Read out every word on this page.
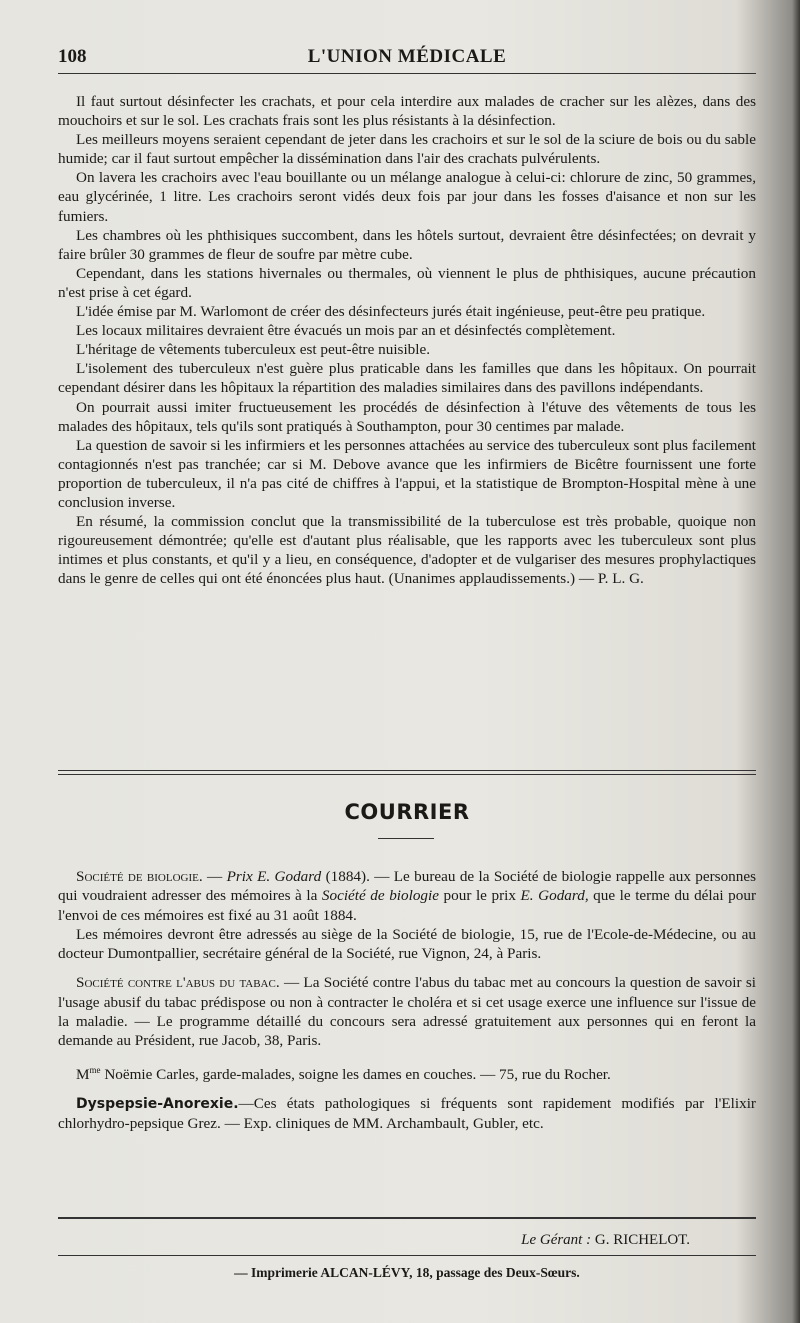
108	L'UNION MÉDICALE

Il faut surtout désinfecter les crachats, et pour cela interdire aux malades de cracher sur les alèzes, dans des mouchoirs et sur le sol. Les crachats frais sont les plus résistants à la désinfection.

Les meilleurs moyens seraient cependant de jeter dans les crachoirs et sur le sol de la sciure de bois ou du sable humide; car il faut surtout empêcher la dissémination dans l'air des crachats pulvérulents.

On lavera les crachoirs avec l'eau bouillante ou un mélange analogue à celui-ci: chlorure de zinc, 50 grammes, eau glycérinée, 1 litre. Les crachoirs seront vidés deux fois par jour dans les fosses d'aisance et non sur les fumiers.

Les chambres où les phthisiques succombent, dans les hôtels surtout, devraient être désinfectées; on devrait y faire brûler 30 grammes de fleur de soufre par mètre cube.

Cependant, dans les stations hivernales ou thermales, où viennent le plus de phthisiques, aucune précaution n'est prise à cet égard.

L'idée émise par M. Warlomont de créer des désinfecteurs jurés était ingénieuse, peut-être peu pratique.

Les locaux militaires devraient être évacués un mois par an et désinfectés complètement.

L'héritage de vêtements tuberculeux est peut-être nuisible.

L'isolement des tuberculeux n'est guère plus praticable dans les familles que dans les hôpitaux. On pourrait cependant désirer dans les hôpitaux la répartition des maladies similaires dans des pavillons indépendants.

On pourrait aussi imiter fructueusement les procédés de désinfection à l'étuve des vêtements de tous les malades des hôpitaux, tels qu'ils sont pratiqués à Southampton, pour 30 centimes par malade.

La question de savoir si les infirmiers et les personnes attachées au service des tuberculeux sont plus facilement contagionnés n'est pas tranchée; car si M. Debove avance que les infirmiers de Bicêtre fournissent une forte proportion de tuberculeux, il n'a pas cité de chiffres à l'appui, et la statistique de Brompton-Hospital mène à une conclusion inverse.

En résumé, la commission conclut que la transmissibilité de la tuberculose est très probable, quoique non rigoureusement démontrée; qu'elle est d'autant plus réalisable, que les rapports avec les tuberculeux sont plus intimes et plus constants, et qu'il y a lieu, en conséquence, d'adopter et de vulgariser des mesures prophylactiques dans le genre de celles qui ont été énoncées plus haut. (Unanimes applaudissements.) — P. L. G.

COURRIER

Société de biologie. — Prix E. Godard (1884). — Le bureau de la Société de biologie rappelle aux personnes qui voudraient adresser des mémoires à la Société de biologie pour le prix E. Godard, que le terme du délai pour l'envoi de ces mémoires est fixé au 31 août 1884.

Les mémoires devront être adressés au siège de la Société de biologie, 15, rue de l'Ecole-de-Médecine, ou au docteur Dumontpallier, secrétaire général de la Société, rue Vignon, 24, à Paris.

Société contre l'abus du tabac. — La Société contre l'abus du tabac met au concours la question de savoir si l'usage abusif du tabac prédispose ou non à contracter le choléra et si cet usage exerce une influence sur l'issue de la maladie. — Le programme détaillé du concours sera adressé gratuitement aux personnes qui en feront la demande au Président, rue Jacob, 38, Paris.

$M^{me}$ Noëmie Carles, garde-malades, soigne les dames en couches. — 75, rue du Rocher.

Dyspepsie-Anorexie.—Ces états pathologiques si fréquents sont rapidement modifiés par l'Elixir chlorhydro-pepsique Grez. — Exp. cliniques de MM. Archambault, Gubler, etc.

Le Gérant : G. RICHELOT.
— Imprimerie ALCAN-LÉVY, 18, passage des Deux-Sœurs.
